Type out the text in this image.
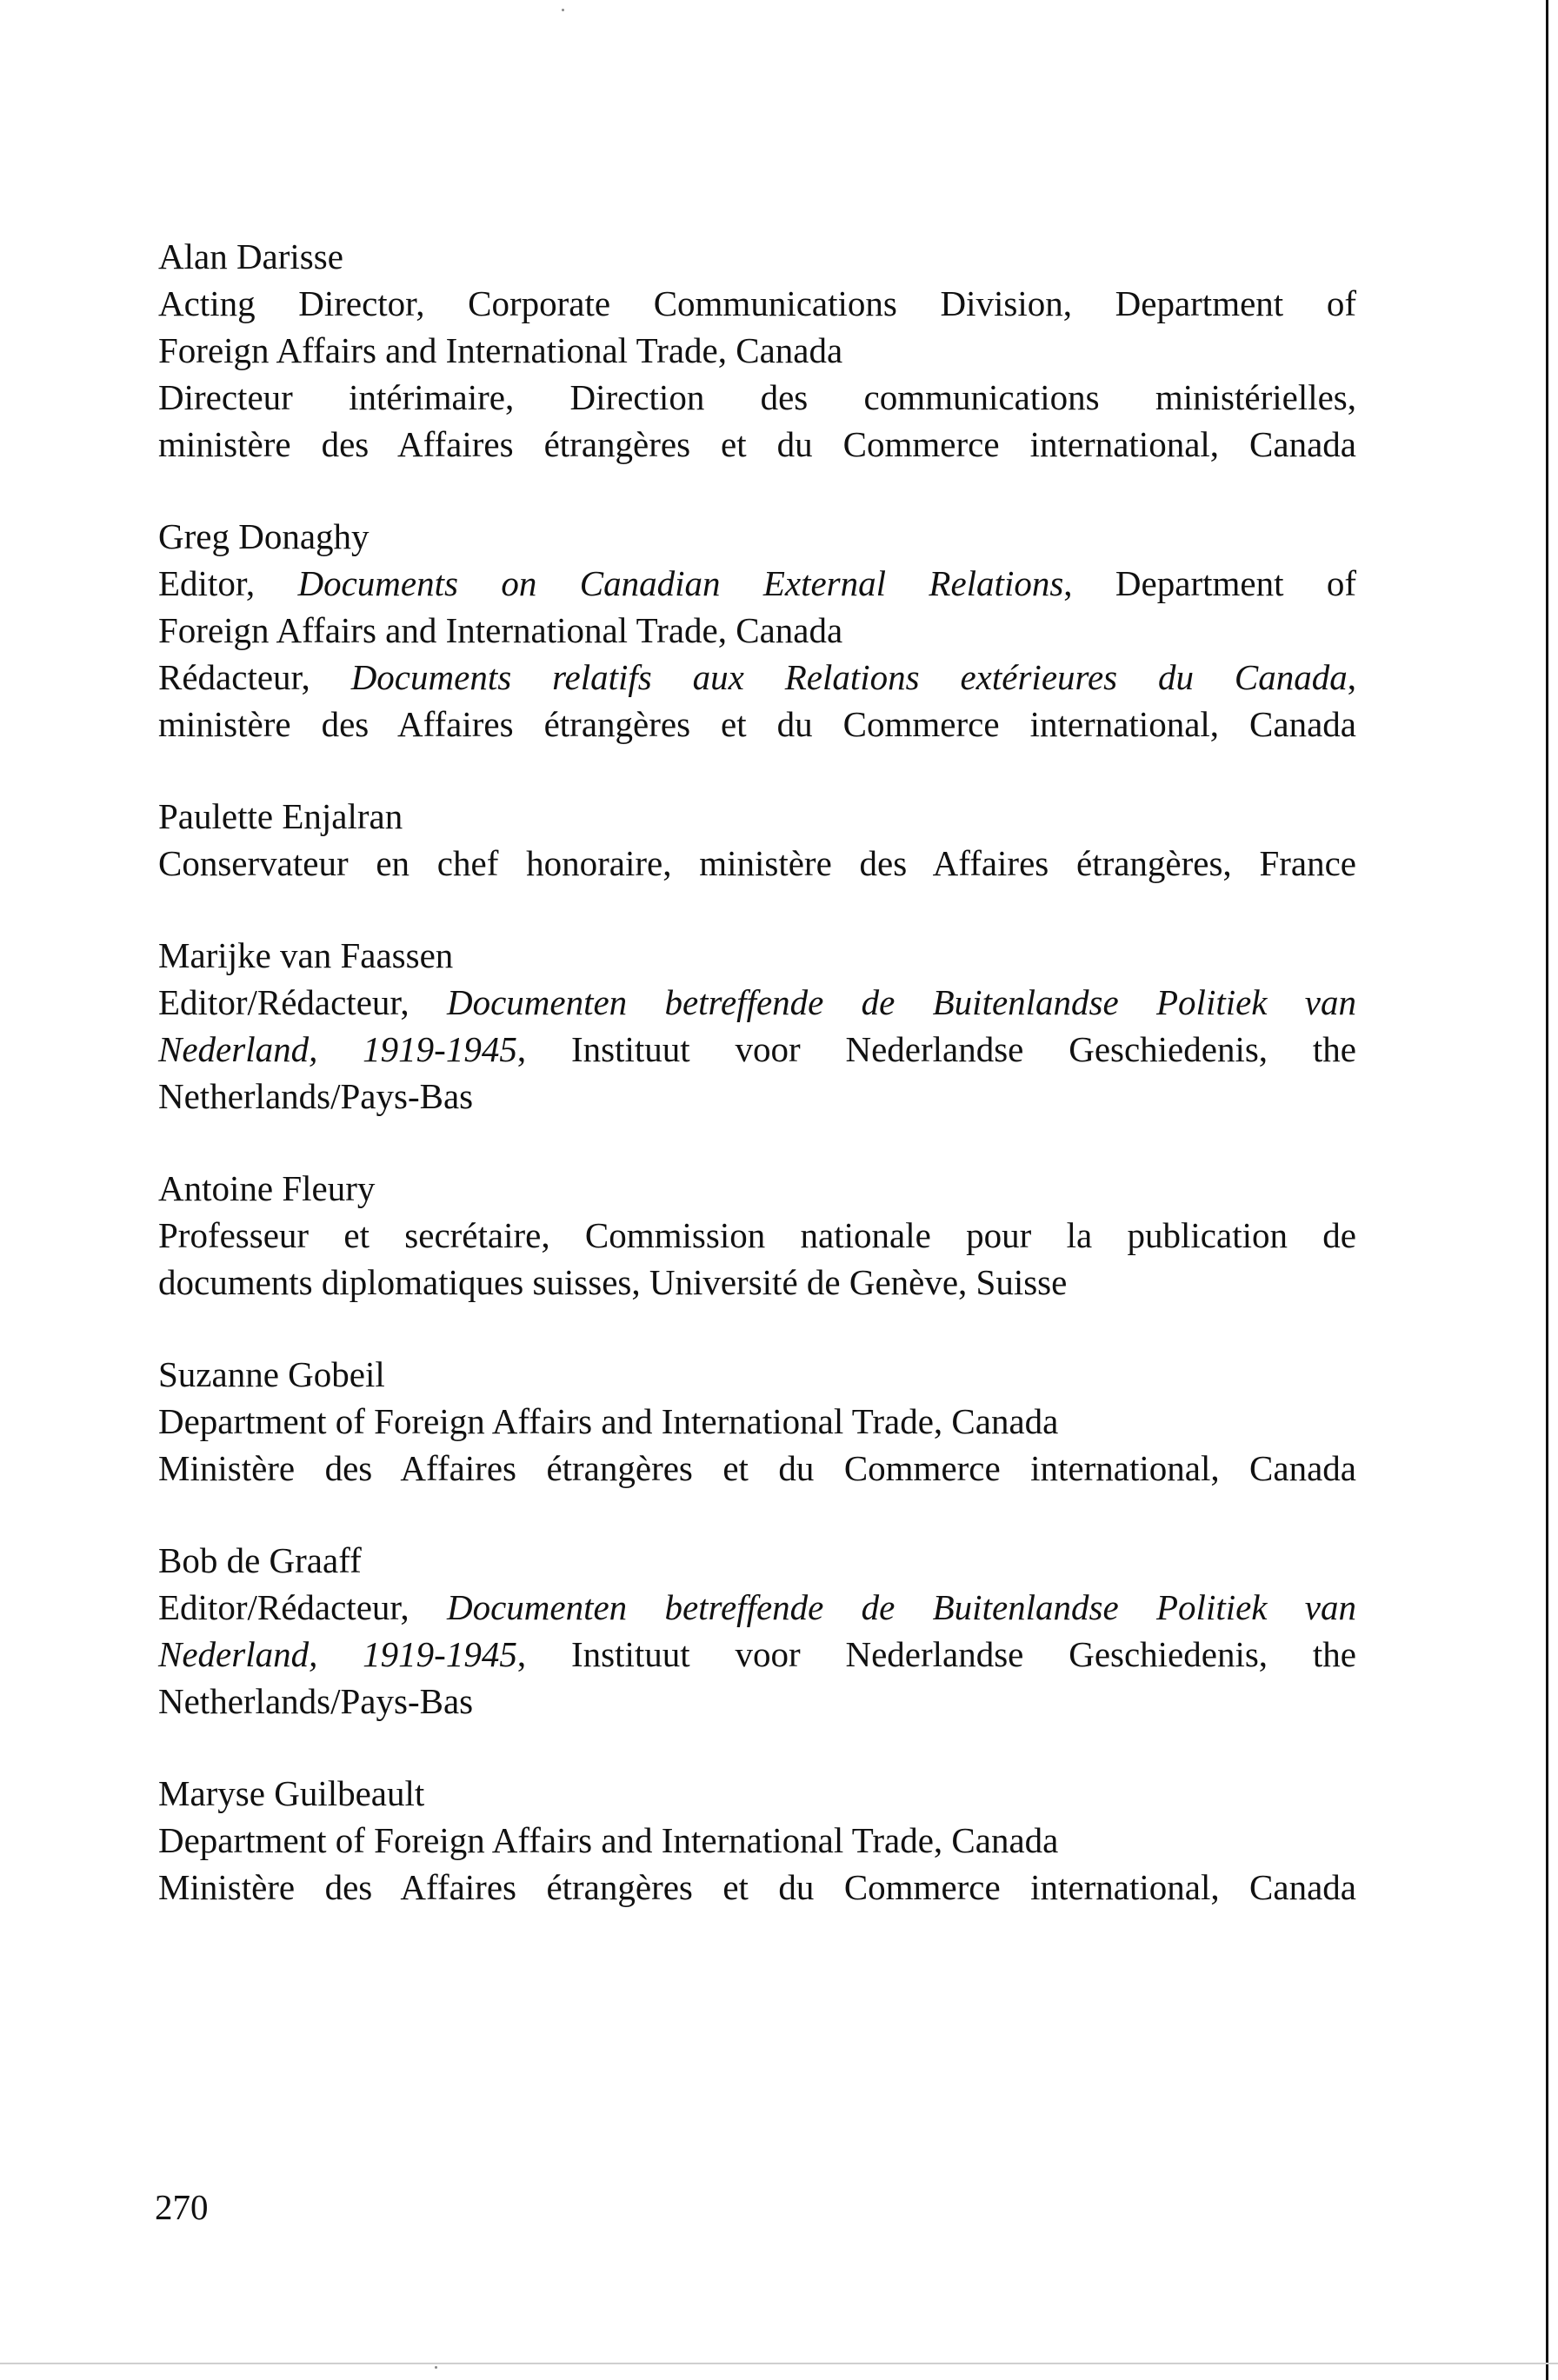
Alan Darisse

Acting Director, Corporate Communications Division, Department of

Foreign Affairs and International Trade, Canada

Directeur intérimaire, Direction des communications ministérielles,

ministère des Affaires étrangères et du Commerce international, Canada

Greg Donaghy

Editor, Documents on Canadian External Relations, Department of

Foreign Affairs and International Trade, Canada

Rédacteur, Documents relatifs aux Relations extérieures du Canada,

ministère des Affaires étrangères et du Commerce international, Canada

Paulette Enjalran

Conservateur en chef honoraire, ministère des Affaires étrangères, France

Marijke van Faassen

Editor/Rédacteur, Documenten betreffende de Buitenlandse Politiek van

Nederland, 1919-1945, Instituut voor Nederlandse Geschiedenis, the

Netherlands/Pays-Bas

Antoine Fleury

Professeur et secrétaire, Commission nationale pour la publication de

documents diplomatiques suisses, Université de Genève, Suisse

Suzanne Gobeil

Department of Foreign Affairs and International Trade, Canada

Ministère des Affaires étrangères et du Commerce international, Canada

Bob de Graaff

Editor/Rédacteur, Documenten betreffende de Buitenlandse Politiek van

Nederland, 1919-1945, Instituut voor Nederlandse Geschiedenis, the

Netherlands/Pays-Bas

Maryse Guilbeault

Department of Foreign Affairs and International Trade, Canada

Ministère des Affaires étrangères et du Commerce international, Canada

270
